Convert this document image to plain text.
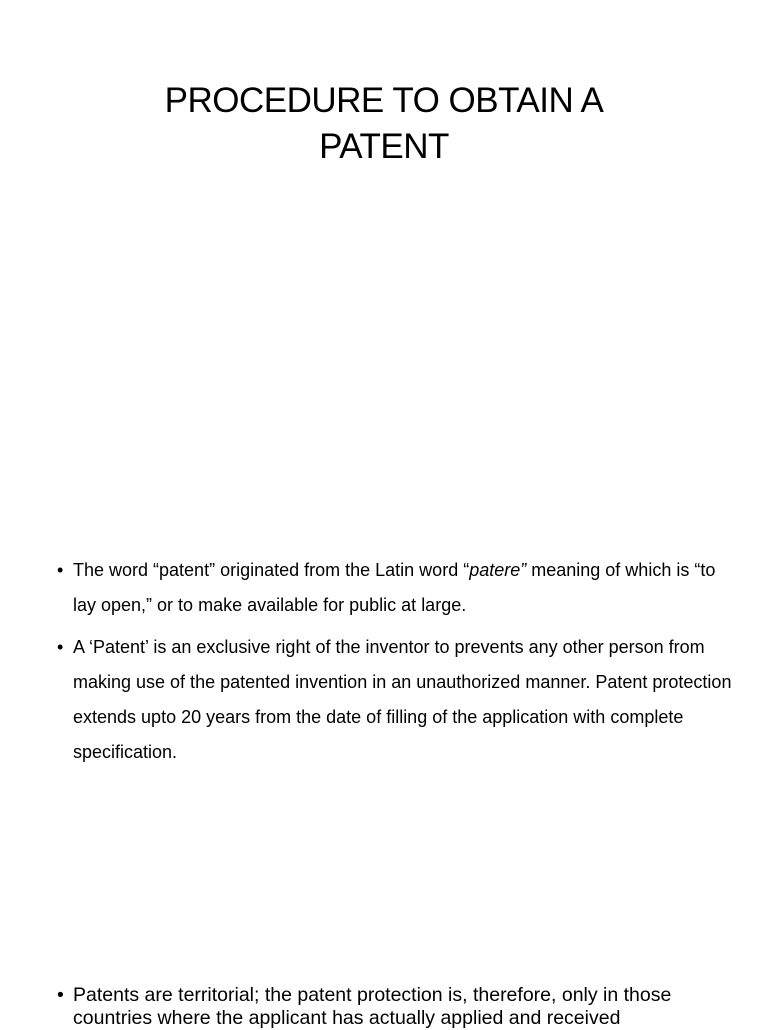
PROCEDURE TO OBTAIN A
PATENT
• The word “patent” originated from the Latin word “patere” meaning of which is “to lay open,” or to make available for public at large.
• A ‘Patent’ is an exclusive right of the inventor to prevents any other person from making use of the patented invention in an unauthorized manner. Patent protection extends upto 20 years from the date of filling of the application with complete specification.
• Patents are territorial; the patent protection is, therefore, only in those countries where the applicant has actually applied and received
